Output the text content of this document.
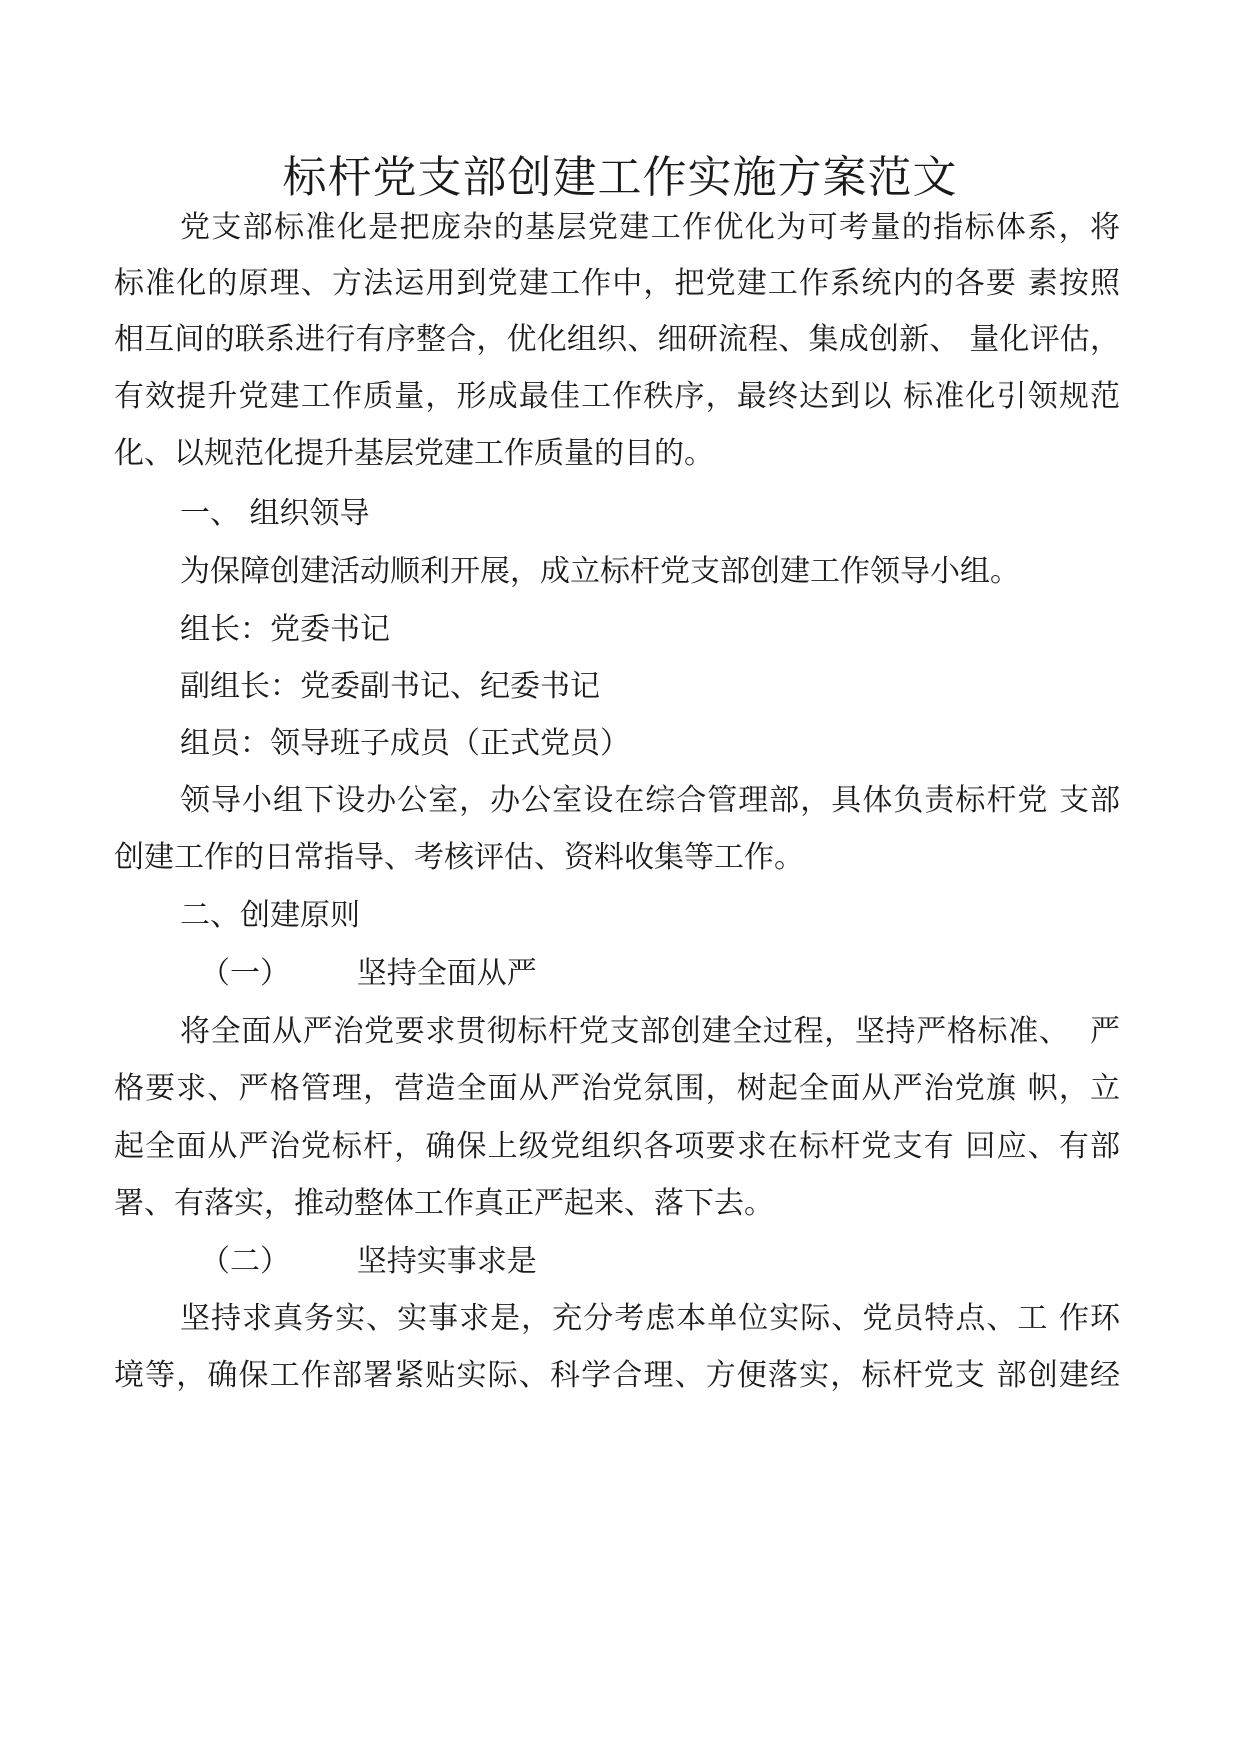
标杆党支部创建工作实施方案范文
党支部标准化是把庞杂的基层党建工作优化为可考量的指标体系，将
标准化的原理、方法运用到党建工作中，把党建工作系统内的各要 素按照
相互间的联系进行有序整合，优化组织、细研流程、集成创新、 量化评估，
有效提升党建工作质量，形成最佳工作秩序，最终达到以 标准化引领规范
化、以规范化提升基层党建工作质量的目的。
一、 组织领导
为保障创建活动顺利开展，成立标杆党支部创建工作领导小组。
组长：党委书记
副组长：党委副书记、纪委书记
组员：领导班子成员（正式党员）
领导小组下设办公室，办公室设在综合管理部，具体负责标杆党 支部
创建工作的日常指导、考核评估、资料收集等工作。
二、创建原则
（一）       坚持全面从严
将全面从严治党要求贯彻标杆党支部创建全过程，坚持严格标准、  严
格要求、严格管理，营造全面从严治党氛围，树起全面从严治党旗 帜，立
起全面从严治党标杆，确保上级党组织各项要求在标杆党支有 回应、有部
署、有落实，推动整体工作真正严起来、落下去。
（二）       坚持实事求是
坚持求真务实、实事求是，充分考虑本单位实际、党员特点、工 作环
境等，确保工作部署紧贴实际、科学合理、方便落实，标杆党支 部创建经
